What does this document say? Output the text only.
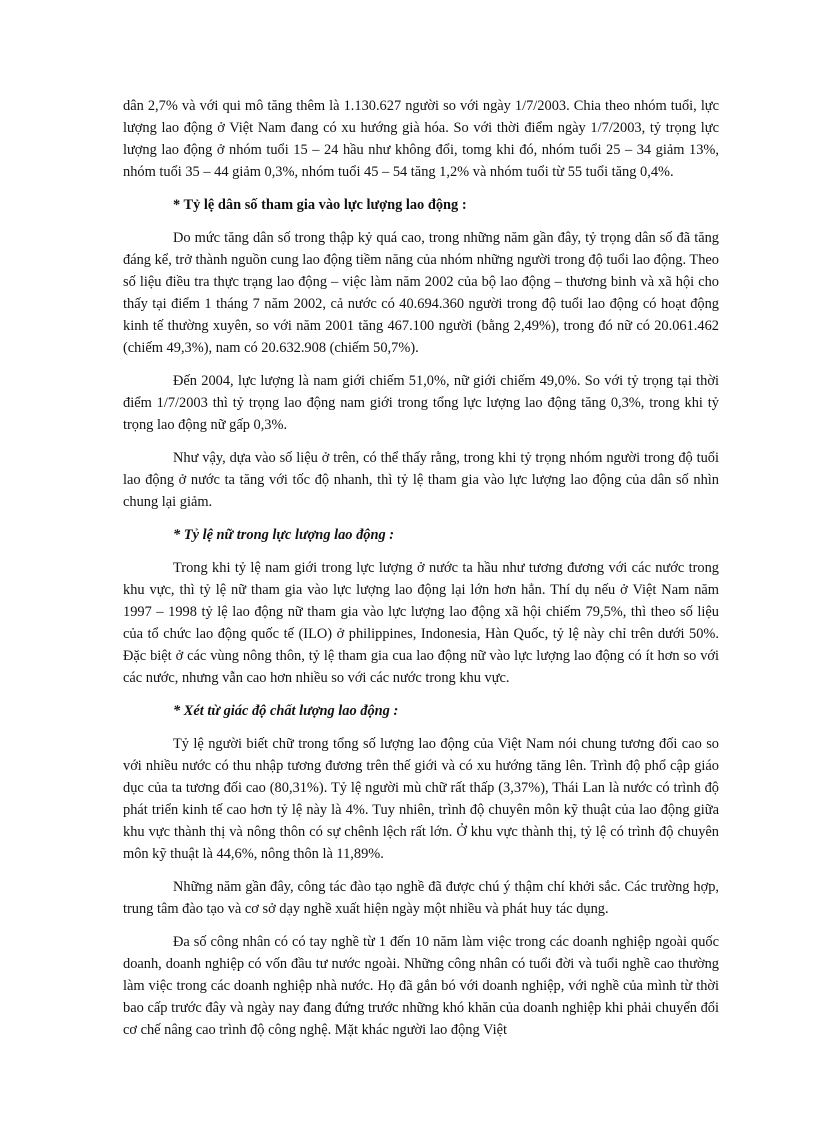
dân 2,7% và với qui mô tăng thêm là 1.130.627 người so với ngày 1/7/2003. Chia theo nhóm tuổi, lực lượng lao động ở Việt Nam đang có xu hướng già hóa. So với thời điểm ngày 1/7/2003, tỷ trọng lực lượng lao động ở nhóm tuổi 15 – 24 hầu như không đổi, tomg khi đó, nhóm tuổi 25 – 34 giảm 13%, nhóm tuổi 35 – 44 giảm 0,3%, nhóm tuổi 45 – 54 tăng 1,2% và nhóm tuổi từ 55 tuổi tăng 0,4%.

* Tỷ lệ dân số tham gia vào lực lượng lao động :

Do mức tăng dân số trong thập kỷ quá cao, trong những năm gần đây, tỷ trọng dân số đã tăng đáng kể, trở thành nguồn cung lao động tiềm năng của nhóm những người trong độ tuổi lao động. Theo số liệu điều tra thực trạng lao động – việc làm năm 2002 của bộ lao động – thương binh và xã hội cho thấy tại điểm 1 tháng 7 năm 2002, cả nước có 40.694.360 người trong độ tuổi lao động có hoạt động kinh tế thường xuyên, so với năm 2001 tăng 467.100 người (bằng 2,49%), trong đó nữ có 20.061.462 (chiếm 49,3%), nam có 20.632.908 (chiếm 50,7%).

Đến 2004, lực lượng là nam giới chiếm 51,0%, nữ giới chiếm 49,0%. So với tỷ trọng tại thời điểm 1/7/2003 thì tỷ trọng lao động nam giới trong tổng lực lượng lao động tăng 0,3%, trong khi tỷ trọng lao động nữ gấp 0,3%.

Như vậy, dựa vào số liệu ở trên, có thể thấy rằng, trong khi tỷ trọng nhóm người trong độ tuổi lao động ở nước ta tăng với tốc độ nhanh, thì tỷ lệ tham gia vào lực lượng lao động của dân số nhìn chung lại giảm.

* Tỷ lệ nữ trong lực lượng lao động :

Trong khi tỷ lệ nam giới trong lực lượng ở nước ta hầu như tương đương với các nước trong khu vực, thì tỷ lệ nữ tham gia vào lực lượng lao động lại lớn hơn hẳn. Thí dụ nếu ở Việt Nam năm 1997 – 1998 tỷ lệ lao động nữ tham gia vào lực lượng lao động xã hội chiếm 79,5%, thì theo số liệu của tổ chức lao động quốc tế (ILO) ở philippines, Indonesia, Hàn Quốc, tỷ lệ này chỉ trên dưới 50%. Đặc biệt ở các vùng nông thôn, tỷ lệ tham gia cua lao động nữ vào lực lượng lao động có ít hơn so với các nước, nhưng vẫn cao hơn nhiều so với các nước trong khu vực.

* Xét từ giác độ chất lượng lao động :

Tỷ lệ người biết chữ trong tổng số lượng lao động của Việt Nam nói chung tương đối cao so với nhiều nước có thu nhập tương đương trên thế giới và có xu hướng tăng lên. Trình độ phổ cập giáo dục của ta tương đối cao (80,31%). Tỷ lệ người mù chữ rất thấp (3,37%), Thái Lan là nước có trình độ phát triển kinh tế cao hơn tỷ lệ này là 4%. Tuy nhiên, trình độ chuyên môn kỹ thuật của lao động giữa khu vực thành thị và nông thôn có sự chênh lệch rất lớn. Ở khu vực thành thị, tỷ lệ có trình độ chuyên môn kỹ thuật là 44,6%, nông thôn là 11,89%.

Những năm gần đây, công tác đào tạo nghề đã được chú ý thậm chí khởi sắc. Các trường hợp, trung tâm đào tạo và cơ sở dạy nghề xuất hiện ngày một nhiều và phát huy tác dụng.

Đa số công nhân có có tay nghề từ 1 đến 10 năm làm việc trong các doanh nghiệp ngoài quốc doanh, doanh nghiệp có vốn đầu tư nước ngoài. Những công nhân có tuổi đời và tuổi nghề cao thường làm việc trong các doanh nghiệp nhà nước. Họ đã gắn bó với doanh nghiệp, với nghề của mình từ thời bao cấp trước đây và ngày nay đang đứng trước những khó khăn của doanh nghiệp khi phải chuyển đổi cơ chế nâng cao trình độ công nghệ. Mặt khác người lao động Việt
